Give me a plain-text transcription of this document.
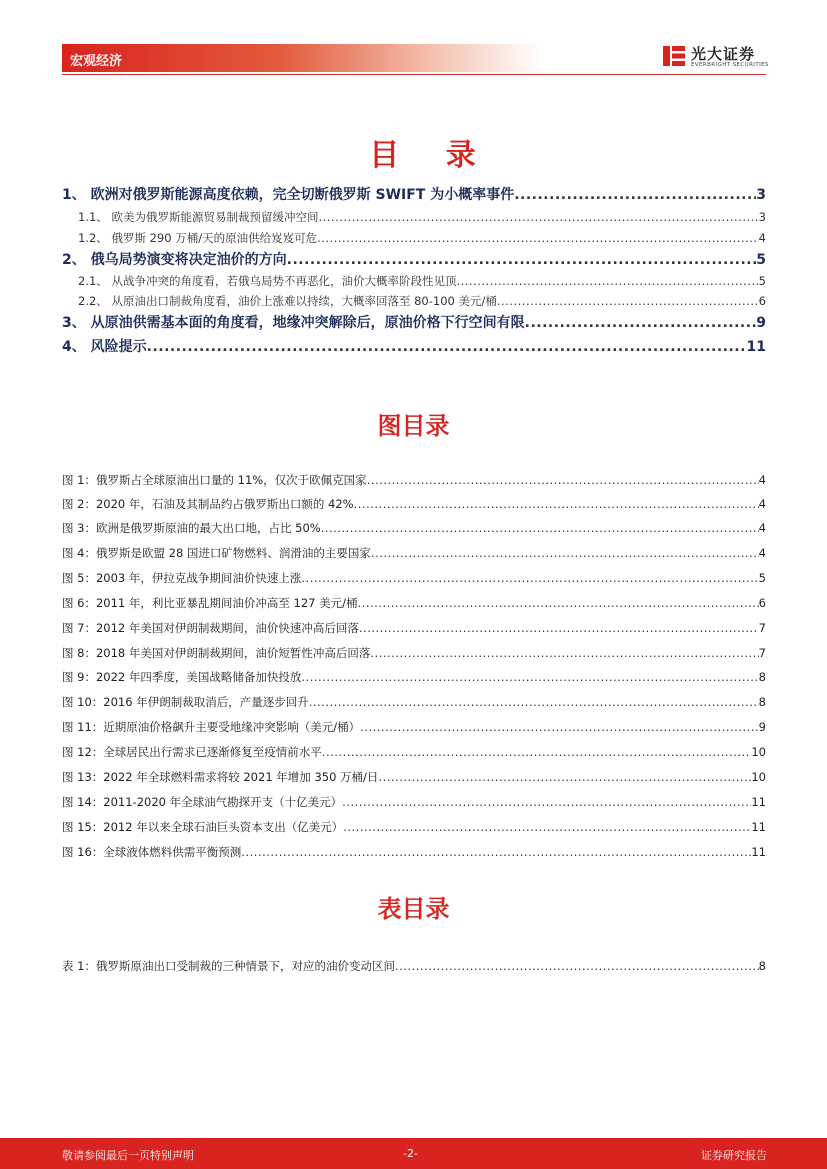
宏观经济	光大证券
EVERBRIGHT SECURITIES
目 录
1、 欧洲对俄罗斯能源高度依赖，完全切断俄罗斯 SWIFT 为小概率事件 .....	3
1.1、 欧美为俄罗斯能源贸易制裁预留缓冲空间 .....	3
1.2、 俄罗斯 290 万桶/天的原油供给岌岌可危 .....	4
2、 俄乌局势演变将决定油价的方向 .....	5
2.1、 从战争冲突的角度看，若俄乌局势不再恶化，油价大概率阶段性见顶 .....	5
2.2、 从原油出口制裁角度看，油价上涨难以持续，大概率回落至 80-100 美元/桶 .....	6
3、 从原油供需基本面的角度看，地缘冲突解除后，原油价格下行空间有限 .....	9
4、 风险提示 .....	11
图目录
图 1：俄罗斯占全球原油出口量的 11%，仅次于欧佩克国家 .....	4
图 2：2020 年，石油及其制品约占俄罗斯出口额的 42% .....	4
图 3：欧洲是俄罗斯原油的最大出口地，占比 50% .....	4
图 4：俄罗斯是欧盟 28 国进口矿物燃料、润滑油的主要国家 .....	4
图 5：2003 年，伊拉克战争期间油价快速上涨 .....	5
图 6：2011 年，利比亚暴乱期间油价冲高至 127 美元/桶 .....	6
图 7：2012 年美国对伊朗制裁期间，油价快速冲高后回落 .....	7
图 8：2018 年美国对伊朗制裁期间，油价短暂性冲高后回落 .....	7
图 9：2022 年四季度，美国战略储备加快投放 .....	8
图 10：2016 年伊朗制裁取消后，产量逐步回升 .....	8
图 11：近期原油价格飙升主要受地缘冲突影响（美元/桶） .....	9
图 12：全球居民出行需求已逐渐修复至疫情前水平 .....	10
图 13：2022 年全球燃料需求将较 2021 年增加 350 万桶/日 .....	10
图 14：2011-2020 年全球油气勘探开支（十亿美元） .....	11
图 15：2012 年以来全球石油巨头资本支出（亿美元） .....	11
图 16：全球液体燃料供需平衡预测 .....	11
表目录
表 1：俄罗斯原油出口受制裁的三种情景下，对应的油价变动区间 .....	8
敬请参阅最后一页特别声明	-2-	证券研究报告
